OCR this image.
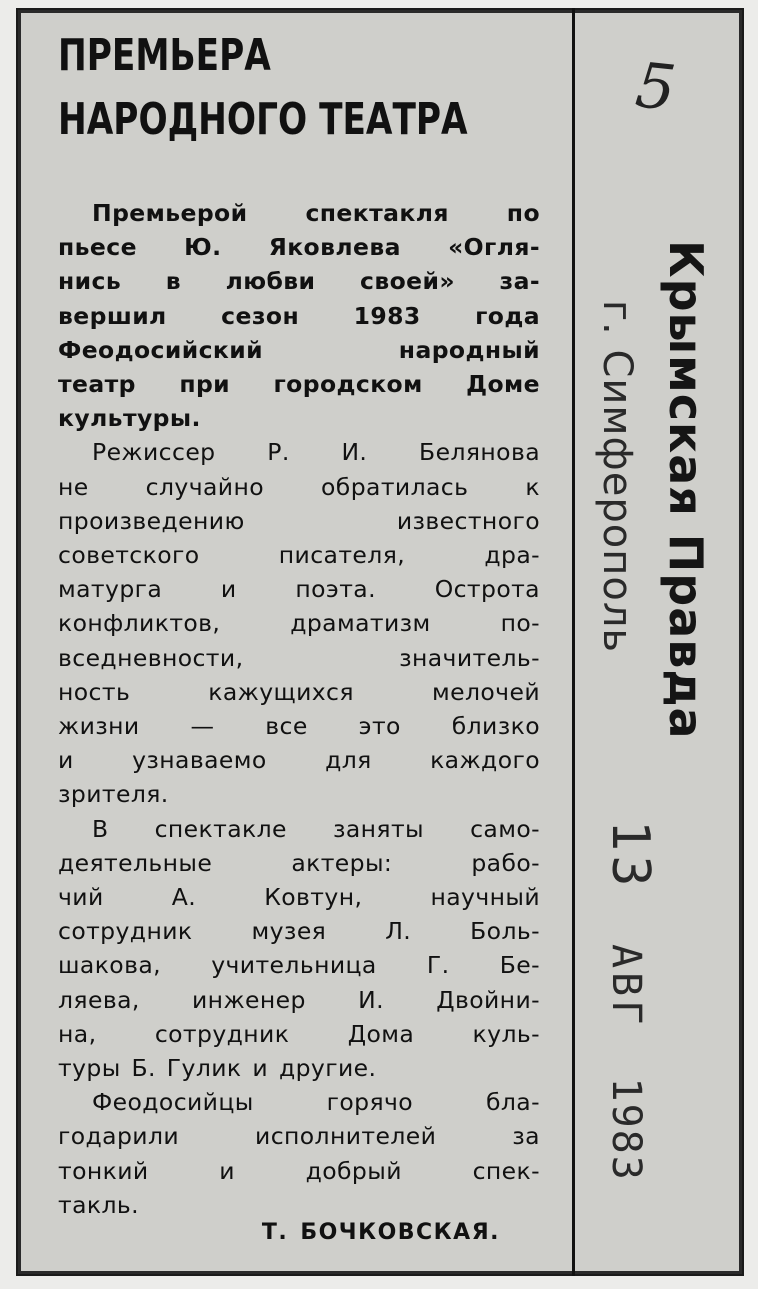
ПРЕМЬЕРА
НАРОДНОГО ТЕАТРА
Премьерой спектакля по
пьесе Ю. Яковлева «Огля-
нись в любви своей» за-
вершил сезон 1983 года
Феодосийский народный
театр при городском Доме
культуры.
Режиссер Р. И. Белянова
не случайно обратилась к
произведению известного
советского писателя, дра-
матурга и поэта. Острота
конфликтов, драматизм по-
вседневности, значитель-
ность кажущихся мелочей
жизни — все это близко
и узнаваемо для каждого
зрителя.
В спектакле заняты само-
деятельные актеры: рабо-
чий А. Ковтун, научный
сотрудник музея Л. Боль-
шакова, учительница Г. Бе-
ляева, инженер И. Двойни-
на, сотрудник Дома куль-
туры Б. Гулик и другие.
Феодосийцы горячо бла-
годарили исполнителей за
тонкий и добрый спек-
такль.
Т. БОЧКОВСКАЯ.
5
Крымская Правда
г. Симферополь
13 АВГ 1983
